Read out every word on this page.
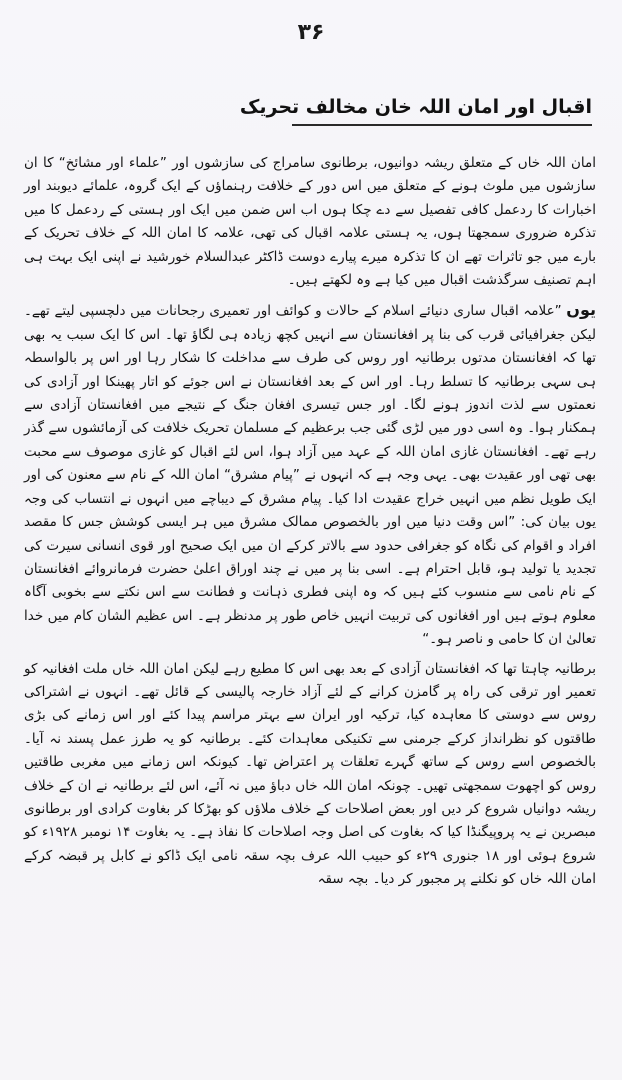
۳۶
اقبال اور امان اللہ خان مخالف تحریک

امان اللہ خاں کے متعلق ریشہ دوانیوں، برطانوی سامراج کی سازشوں اور ”علماء اور مشائخ“ کا ان سازشوں میں ملوث ہونے کے متعلق میں اس دور کے خلافت رہنماؤں کے ایک گروہ، علمائے دیوبند اور اخبارات کا ردعمل کافی تفصیل سے دے چکا ہوں اب اس ضمن میں ایک اور ہستی کے ردعمل کا میں تذکرہ ضروری سمجھتا ہوں، یہ ہستی علامہ اقبال کی تھی، علامہ کا امان اللہ کے خلاف تحریک کے بارے میں جو تاثرات تھے ان کا تذکرہ میرے پیارے دوست ڈاکٹر عبدالسلام خورشید نے اپنی ایک بہت ہی اہم تصنیف سرگذشت اقبال میں کیا ہے وہ لکھتے ہیں۔

یوں ”علامہ اقبال ساری دنیائے اسلام کے حالات و کوائف اور تعمیری رجحانات میں دلچسپی لیتے تھے۔ لیکن جغرافیائی قرب کی بنا پر افغانستان سے انہیں کچھ زیادہ ہی لگاؤ تھا۔ اس کا ایک سبب یہ بھی تھا کہ افغانستان مدتوں برطانیہ اور روس کی طرف سے مداخلت کا شکار رہا اور اس پر بالواسطہ ہی سہی برطانیہ کا تسلط رہا۔ اور اس کے بعد افغانستان نے اس جوئے کو اتار پھینکا اور آزادی کی نعمتوں سے لذت اندوز ہونے لگا۔ اور جس تیسری افغان جنگ کے نتیجے میں افغانستان آزادی سے ہمکنار ہوا۔ وہ اسی دور میں لڑی گئی جب برعظیم کے مسلمان تحریک خلافت کی آزمائشوں سے گذر رہے تھے۔ افغانستان غازی امان اللہ کے عہد میں آزاد ہوا، اس لئے اقبال کو غازی موصوف سے محبت بھی تھی اور عقیدت بھی۔ یہی وجہ ہے کہ انہوں نے ”پیام مشرق“ امان اللہ کے نام سے معنون کی اور ایک طویل نظم میں انہیں خراج عقیدت ادا کیا۔ پیام مشرق کے دیباچے میں انہوں نے انتساب کی وجہ یوں بیان کی: ”اس وقت دنیا میں اور بالخصوص ممالک مشرق میں ہر ایسی کوشش جس کا مقصد افراد و اقوام کی نگاہ کو جغرافی حدود سے بالاتر کرکے ان میں ایک صحیح اور قوی انسانی سیرت کی تجدید یا تولید ہو، قابل احترام ہے۔ اسی بنا پر میں نے چند اوراق اعلیٰ حضرت فرمانروائے افغانستان کے نام نامی سے منسوب کئے ہیں کہ وہ اپنی فطری ذہانت و فطانت سے اس نکتے سے بخوبی آگاہ معلوم ہوتے ہیں اور افغانوں کی تربیت انہیں خاص طور پر مدنظر ہے۔ اس عظیم الشان کام میں خدا تعالیٰ ان کا حامی و ناصر ہو۔“

برطانیہ چاہتا تھا کہ افغانستان آزادی کے بعد بھی اس کا مطیع رہے لیکن امان اللہ خاں ملت افغانیہ کو تعمیر اور ترقی کی راہ پر گامزن کرانے کے لئے آزاد خارجہ پالیسی کے قائل تھے۔ انہوں نے اشتراکی روس سے دوستی کا معاہدہ کیا، ترکیہ اور ایران سے بہتر مراسم پیدا کئے اور اس زمانے کی بڑی طاقتوں کو نظرانداز کرکے جرمنی سے تکنیکی معاہدات کئے۔ برطانیہ کو یہ طرز عمل پسند نہ آیا۔ بالخصوص اسے روس کے ساتھ گہرے تعلقات پر اعتراض تھا۔ کیونکہ اس زمانے میں مغربی طاقتیں روس کو اچھوت سمجھتی تھیں۔ چونکہ امان اللہ خاں دباؤ میں نہ آئے، اس لئے برطانیہ نے ان کے خلاف ریشہ دوانیاں شروع کر دیں اور بعض اصلاحات کے خلاف ملاؤں کو بھڑکا کر بغاوت کرادی اور برطانوی مبصرین نے یہ پروپیگنڈا کیا کہ بغاوت کی اصل وجہ اصلاحات کا نفاذ ہے۔ یہ بغاوت ۱۴ نومبر ۱۹۲۸ء کو شروع ہوئی اور ۱۸ جنوری ۲۹ء کو حبیب اللہ عرف بچہ سقہ نامی ایک ڈاکو نے کابل پر قبضہ کرکے امان اللہ خاں کو نکلنے پر مجبور کر دیا۔ بچہ سقہ
